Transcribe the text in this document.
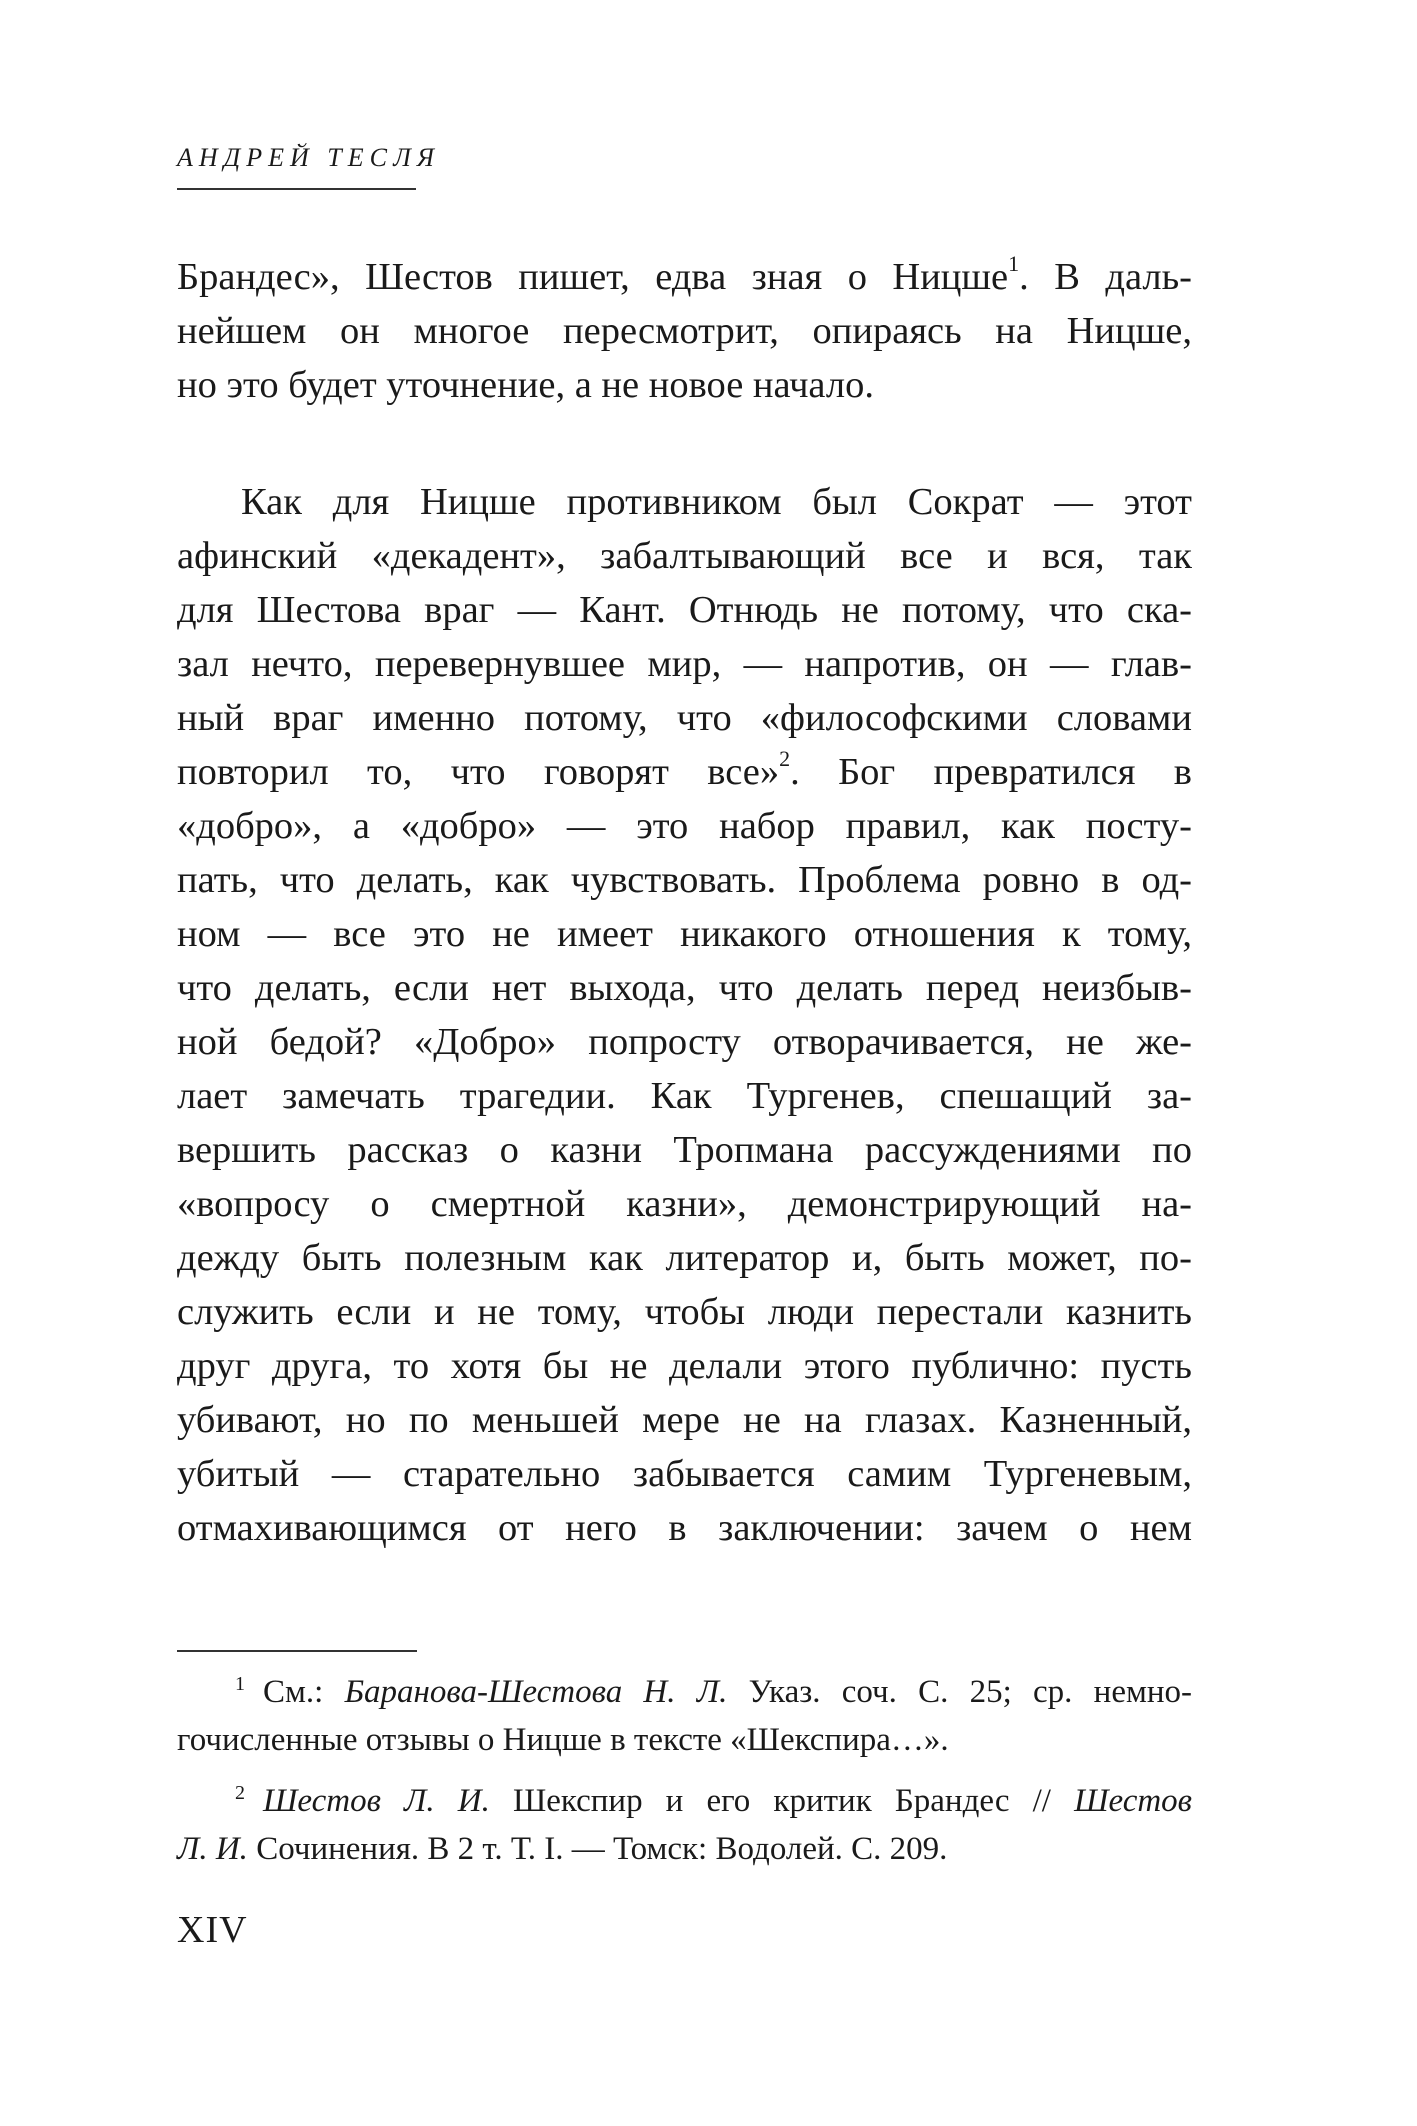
АНДРЕЙ ТЕСЛЯ
Брандес», Шестов пишет, едва зная о Ницше$^1$. В даль-
нейшем он многое пересмотрит, опираясь на Ницше,
но это будет уточнение, а не новое начало.
Как для Ницше противником был Сократ — этот
афинский «декадент», забалтывающий все и вся, так
для Шестова враг — Кант. Отнюдь не потому, что ска-
зал нечто, перевернувшее мир, — напротив, он — глав-
ный враг именно потому, что «философскими словами
повторил то, что говорят все»$^2$. Бог превратился в
«добро», а «добро» — это набор правил, как посту-
пать, что делать, как чувствовать. Проблема ровно в од-
ном — все это не имеет никакого отношения к тому,
что делать, если нет выхода, что делать перед неизбыв-
ной бедой? «Добро» попросту отворачивается, не же-
лает замечать трагедии. Как Тургенев, спешащий за-
вершить рассказ о казни Тропмана рассуждениями по
«вопросу о смертной казни», демонстрирующий на-
дежду быть полезным как литератор и, быть может, по-
служить если и не тому, чтобы люди перестали казнить
друг друга, то хотя бы не делали этого публично: пусть
убивают, но по меньшей мере не на глазах. Казненный,
убитый — старательно забывается самим Тургеневым,
отмахивающимся от него в заключении: зачем о нем
$^1$ См.: Баранова-Шестова Н. Л. Указ. соч. С. 25; ср. немно-
гочисленные отзывы о Ницше в тексте «Шекспира…».
$^2$ Шестов Л. И. Шекспир и его критик Брандес // Шестов
Л. И. Сочинения. В 2 т. Т. I. — Томск: Водолей. С. 209.
XIV
